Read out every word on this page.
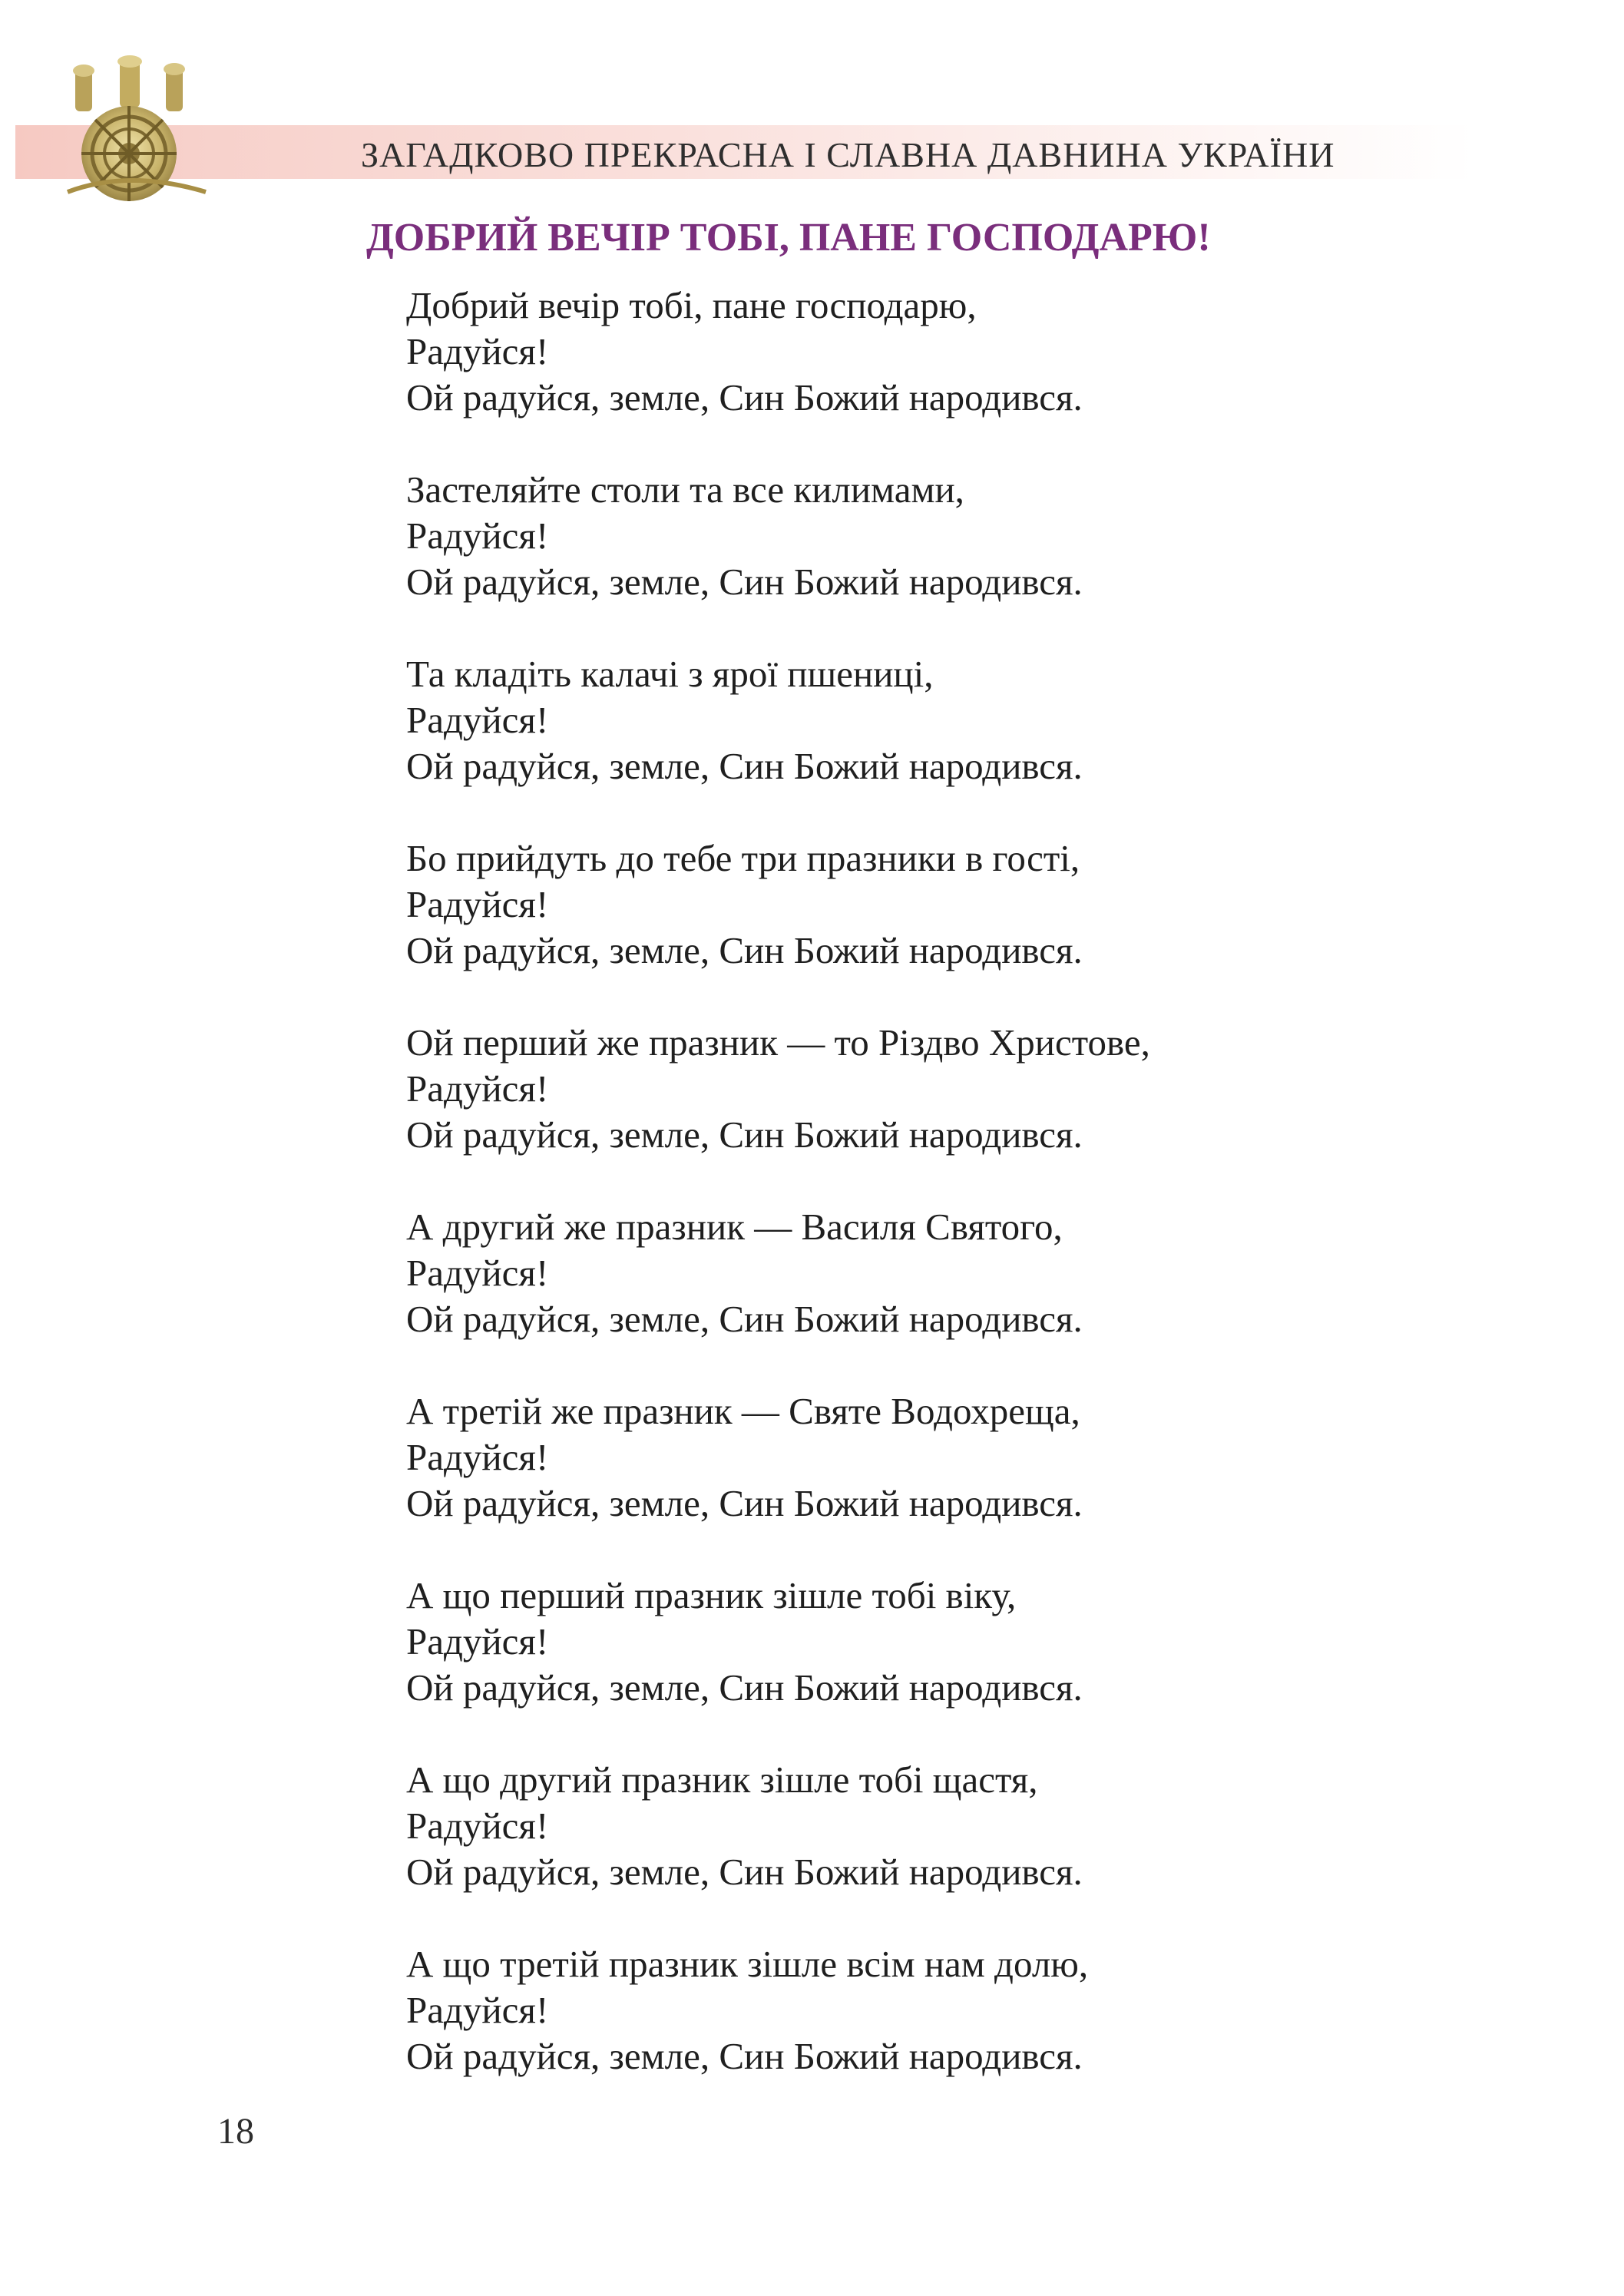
ЗАГАДКОВО ПРЕКРАСНА І СЛАВНА ДАВНИНА УКРАЇНИ
ДОБРИЙ ВЕЧІР ТОБІ, ПАНЕ ГОСПОДАРЮ!
Добрий вечір тобі, пане господарю,
Радуйся!
Ой радуйся, земле, Син Божий народився.
Застеляйте столи та все килимами,
Радуйся!
Ой радуйся, земле, Син Божий народився.
Та кладіть калачі з ярої пшениці,
Радуйся!
Ой радуйся, земле, Син Божий народився.
Бо прийдуть до тебе три празники в гості,
Радуйся!
Ой радуйся, земле, Син Божий народився.
Ой перший же празник — то Різдво Христове,
Радуйся!
Ой радуйся, земле, Син Божий народився.
А другий же празник — Василя Святого,
Радуйся!
Ой радуйся, земле, Син Божий народився.
А третій же празник — Святе Водохреща,
Радуйся!
Ой радуйся, земле, Син Божий народився.
А що перший празник зішле тобі віку,
Радуйся!
Ой радуйся, земле, Син Божий народився.
А що другий празник зішле тобі щастя,
Радуйся!
Ой радуйся, земле, Син Божий народився.
А що третій празник зішле всім нам долю,
Радуйся!
Ой радуйся, земле, Син Божий народився.
18
